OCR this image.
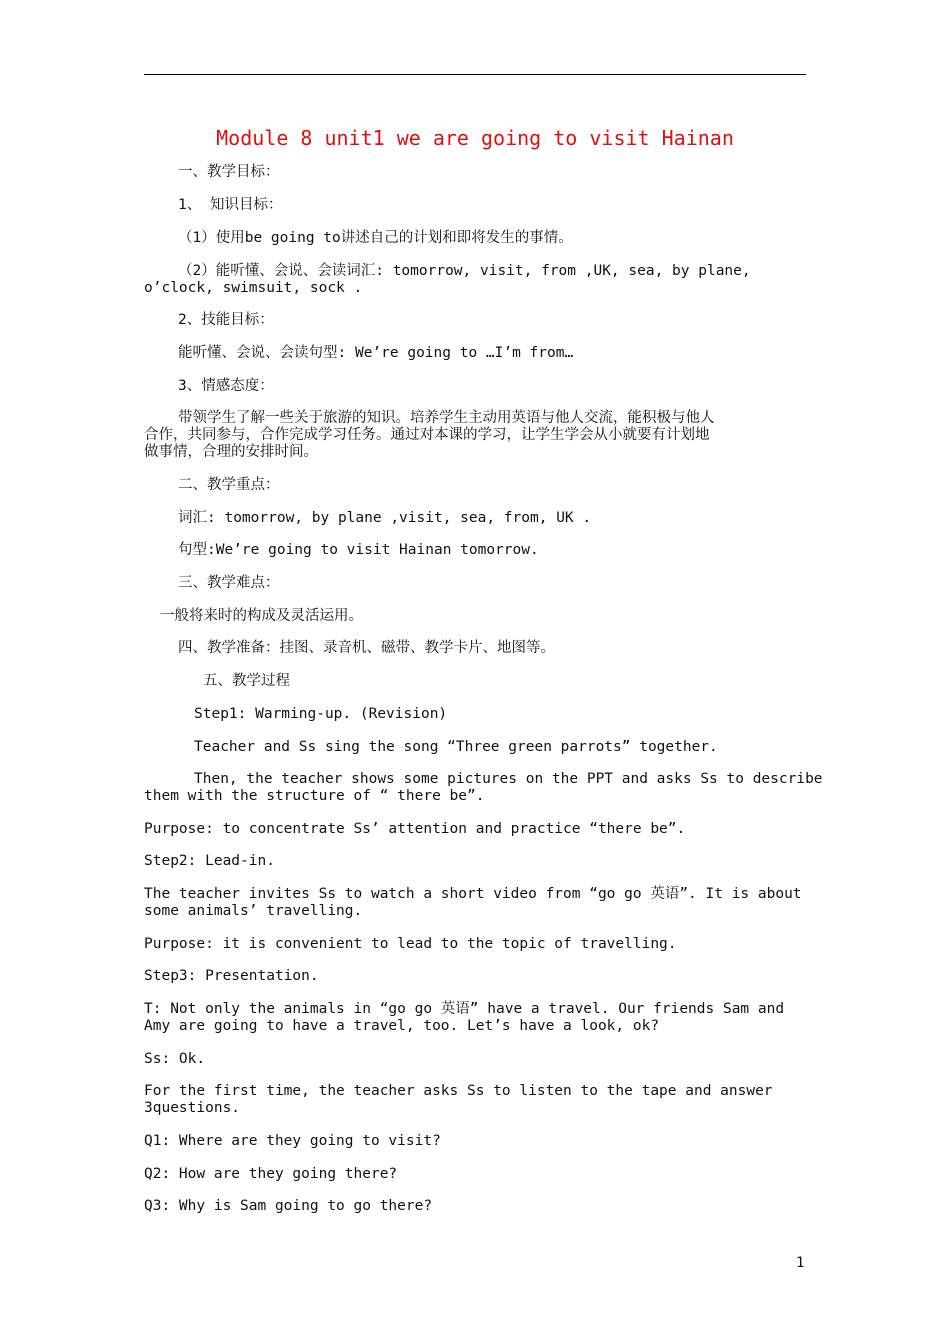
Module 8 unit1 we are going to visit Hainan
一、教学目标：
1、 知识目标：
（1）使用be going to讲述自己的计划和即将发生的事情。
（2）能听懂、会说、会读词汇: tomorrow, visit, from ,UK, sea, by plane,
o’clock, swimsuit, sock .
2、技能目标：
能听懂、会说、会读句型: We’re going to …I’m from…
3、情感态度：
带领学生了解一些关于旅游的知识。培养学生主动用英语与他人交流，能积极与他人
合作，共同参与，合作完成学习任务。通过对本课的学习，让学生学会从小就要有计划地
做事情，合理的安排时间。
二、教学重点：
词汇: tomorrow, by plane ,visit, sea, from, UK .
句型:We’re going to visit Hainan tomorrow.
三、教学难点：
一般将来时的构成及灵活运用。
四、教学准备：挂图、录音机、磁带、教学卡片、地图等。
五、教学过程
Step1: Warming-up. (Revision)
Teacher and Ss sing the song “Three green parrots” together.
Then, the teacher shows some pictures on the PPT and asks Ss to describe
them with the structure of “ there be”.
Purpose: to concentrate Ss’ attention and practice “there be”.
Step2: Lead-in.
The teacher invites Ss to watch a short video from “go go 英语”. It is about
some animals’ travelling.
Purpose: it is convenient to lead to the topic of travelling.
Step3: Presentation.
T: Not only the animals in “go go 英语” have a travel. Our friends Sam and
Amy are going to have a travel, too. Let’s have a look, ok?
Ss: Ok.
For the first time, the teacher asks Ss to listen to the tape and answer
3questions.
Q1: Where are they going to visit?
Q2: How are they going there?
Q3: Why is Sam going to go there?
1
